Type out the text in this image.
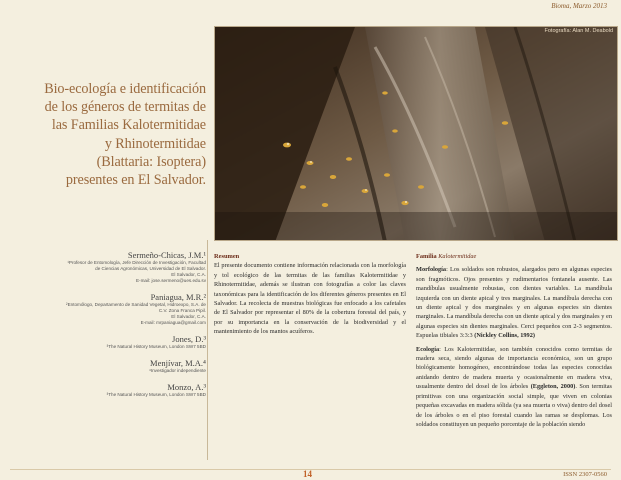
Bioma, Marzo 2013
Fotografía: Alan M. Deabold
Bio-ecología e identificación
de los géneros de termitas de
las Familias Kalotermitidae
y Rhinotermitidae
(Blattaria: Isoptera)
presentes en El Salvador.
Sermeño-Chicas, J.M.¹
¹Profesor de Entomología, Jefe Dirección de Investigación, Facultad
de Ciencias Agronómicas, Universidad de El Salvador.
El Salvador, C.A.
E-mail: jose.sermeno@ues.edu.sv
Paniagua, M.R.²
²Entomólogo, Departamento de Sanidad Vegetal, Hidroexpo, S.A. de
C.V. Zona Franca Pipil.
El Salvador, C.A.
E-mail: mrpaniagua@gmail.com
Jones, D.³
³The Natural History Museum, London SW7 5BD
Menjívar, M.A.⁴
⁴Investigador independiente
Monzo, A.³
³The Natural History Museum, London SW7 5BD
Resumen
El presente documento contiene información relacionada con la morfología y tol ecológico de las termitas de las familias Kalotermitidae y Rhinotermitidae, además se ilustran con fotografías a color las claves taxonómicas para la identificación de los diferentes géneros presentes en El Salvador. La recolecta de muestras biológicas fue enfocado a los cafetales de El Salvador por representar el 80% de la cobertura forestal del país, y por su importancia en la conservación de la biodiversidad y el mantenimiento de los mantos acuíferos.
Familia Kalotermitidae
Morfología: Los soldados son robustos, alargados pero en algunas especies son fragmóticos. Ojos presentes y rudimentarios fontanela ausente. Las mandíbulas usualmente robustas, con dientes variables. La mandíbula izquierda con un diente apical y tres marginales. La mandíbula derecha con un diente apical y dos marginales y en algunas especies sin dientes marginales. La mandíbula derecha con un diente apical y dos marginales y en algunas especies sin dientes marginales. Cerci pequeños con 2-3 segmentos. Espuelas tibiales 3:3:3 (Nickley Collins, 1992)
Ecología: Los Kalotermitidae, son también conocidos como termitas de madera seca, siendo algunas de importancia económica, son un grupo biológicamente homogéneo, encontrándose todas las especies conocidas anidando dentro de madera muerta y ocasionalmente en madera viva, usualmente dentro del dosel de los árboles (Eggleton, 2000). Son termitas primitivas con una organización social simple, que viven en colonias pequeñas excavadas en madera sólida (ya sea muerta o viva) dentro del dosel de los árboles o en el piso forestal cuando las ramas se desplomas. Los soldados constituyen un pequeño porcentaje de la población siendo
14	ISSN 2307-0560
